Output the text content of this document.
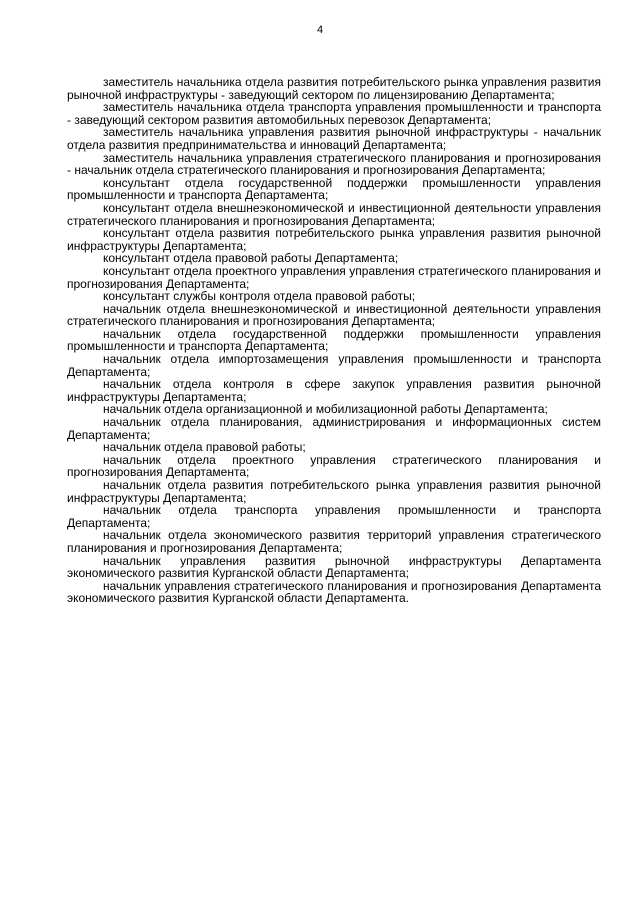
4

заместитель начальника отдела развития потребительского рынка управления развития рыночной инфраструктуры - заведующий сектором по лицензированию Департамента;

заместитель начальника отдела транспорта управления промышленности и транспорта - заведующий сектором развития автомобильных перевозок Департамента;

заместитель начальника управления развития рыночной инфраструктуры - начальник отдела развития предпринимательства и инноваций Департамента;

заместитель начальника управления стратегического планирования и прогнозирования - начальник отдела стратегического планирования и прогнозирования Департамента;

консультант отдела государственной поддержки промышленности управления промышленности и транспорта Департамента;

консультант отдела внешнеэкономической и инвестиционной деятельности управления стратегического планирования и прогнозирования Департамента;

консультант отдела развития потребительского рынка управления развития рыночной инфраструктуры Департамента;

консультант отдела правовой работы Департамента;

консультант отдела проектного управления управления стратегического планирования и прогнозирования Департамента;

консультант службы контроля отдела правовой работы;

начальник отдела внешнеэкономической и инвестиционной деятельности управления стратегического планирования и прогнозирования Департамента;

начальник отдела государственной поддержки промышленности управления промышленности и транспорта Департамента;

начальник отдела импортозамещения управления промышленности и транспорта Департамента;

начальник отдела контроля в сфере закупок управления развития рыночной инфраструктуры Департамента;

начальник отдела организационной и мобилизационной работы Департамента;

начальник отдела планирования, администрирования и информационных систем Департамента;

начальник отдела правовой работы;

начальник отдела проектного управления стратегического планирования и прогнозирования Департамента;

начальник отдела развития потребительского рынка управления развития рыночной инфраструктуры Департамента;

начальник отдела транспорта управления промышленности и транспорта Департамента;

начальник отдела экономического развития территорий управления стратегического планирования и прогнозирования Департамента;

начальник управления развития рыночной инфраструктуры Департамента экономического развития Курганской области Департамента;

начальник управления стратегического планирования и прогнозирования Департамента экономического развития Курганской области Департамента.
